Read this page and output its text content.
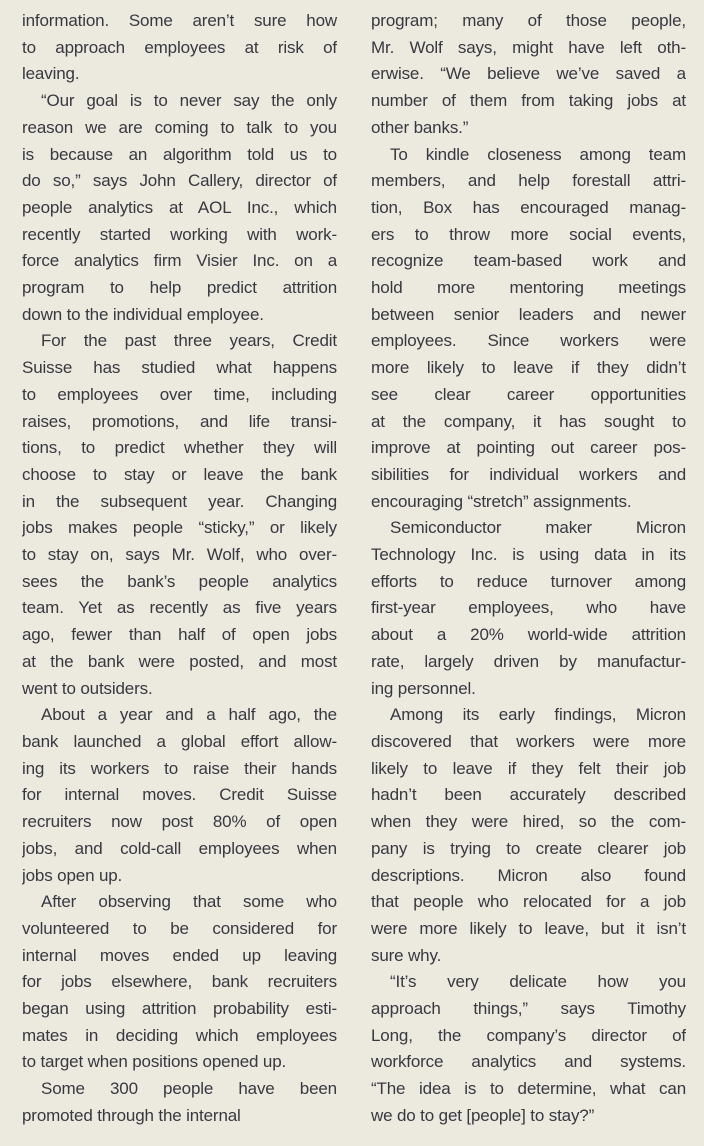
information. Some aren’t sure how
to approach employees at risk of
leaving.

“Our goal is to never say the only
reason we are coming to talk to you
is because an algorithm told us to
do so,” says John Callery, director of
people analytics at AOL Inc., which
recently started working with work-
force analytics firm Visier Inc. on a
program to help predict attrition
down to the individual employee.

For the past three years, Credit
Suisse has studied what happens
to employees over time, including
raises, promotions, and life transi-
tions, to predict whether they will
choose to stay or leave the bank
in the subsequent year. Changing
jobs makes people “sticky,” or likely
to stay on, says Mr. Wolf, who over-
sees the bank’s people analytics
team. Yet as recently as five years
ago, fewer than half of open jobs
at the bank were posted, and most
went to outsiders.

About a year and a half ago, the
bank launched a global effort allow-
ing its workers to raise their hands
for internal moves. Credit Suisse
recruiters now post 80% of open
jobs, and cold-call employees when
jobs open up.

After observing that some who
volunteered to be considered for
internal moves ended up leaving
for jobs elsewhere, bank recruiters
began using attrition probability esti-
mates in deciding which employees
to target when positions opened up.

Some 300 people have been
promoted through the internal

program; many of those people,
Mr. Wolf says, might have left oth-
erwise. “We believe we’ve saved a
number of them from taking jobs at
other banks.”

To kindle closeness among team
members, and help forestall attri-
tion, Box has encouraged manag-
ers to throw more social events,
recognize team-based work and
hold more mentoring meetings
between senior leaders and newer
employees. Since workers were
more likely to leave if they didn’t
see clear career opportunities
at the company, it has sought to
improve at pointing out career pos-
sibilities for individual workers and
encouraging “stretch” assignments.

Semiconductor maker Micron
Technology Inc. is using data in its
efforts to reduce turnover among
first-year employees, who have
about a 20% world-wide attrition
rate, largely driven by manufactur-
ing personnel.

Among its early findings, Micron
discovered that workers were more
likely to leave if they felt their job
hadn’t been accurately described
when they were hired, so the com-
pany is trying to create clearer job
descriptions. Micron also found
that people who relocated for a job
were more likely to leave, but it isn’t
sure why.

“It’s very delicate how you
approach things,” says Timothy
Long, the company’s director of
workforce analytics and systems.
“The idea is to determine, what can
we do to get [people] to stay?”
